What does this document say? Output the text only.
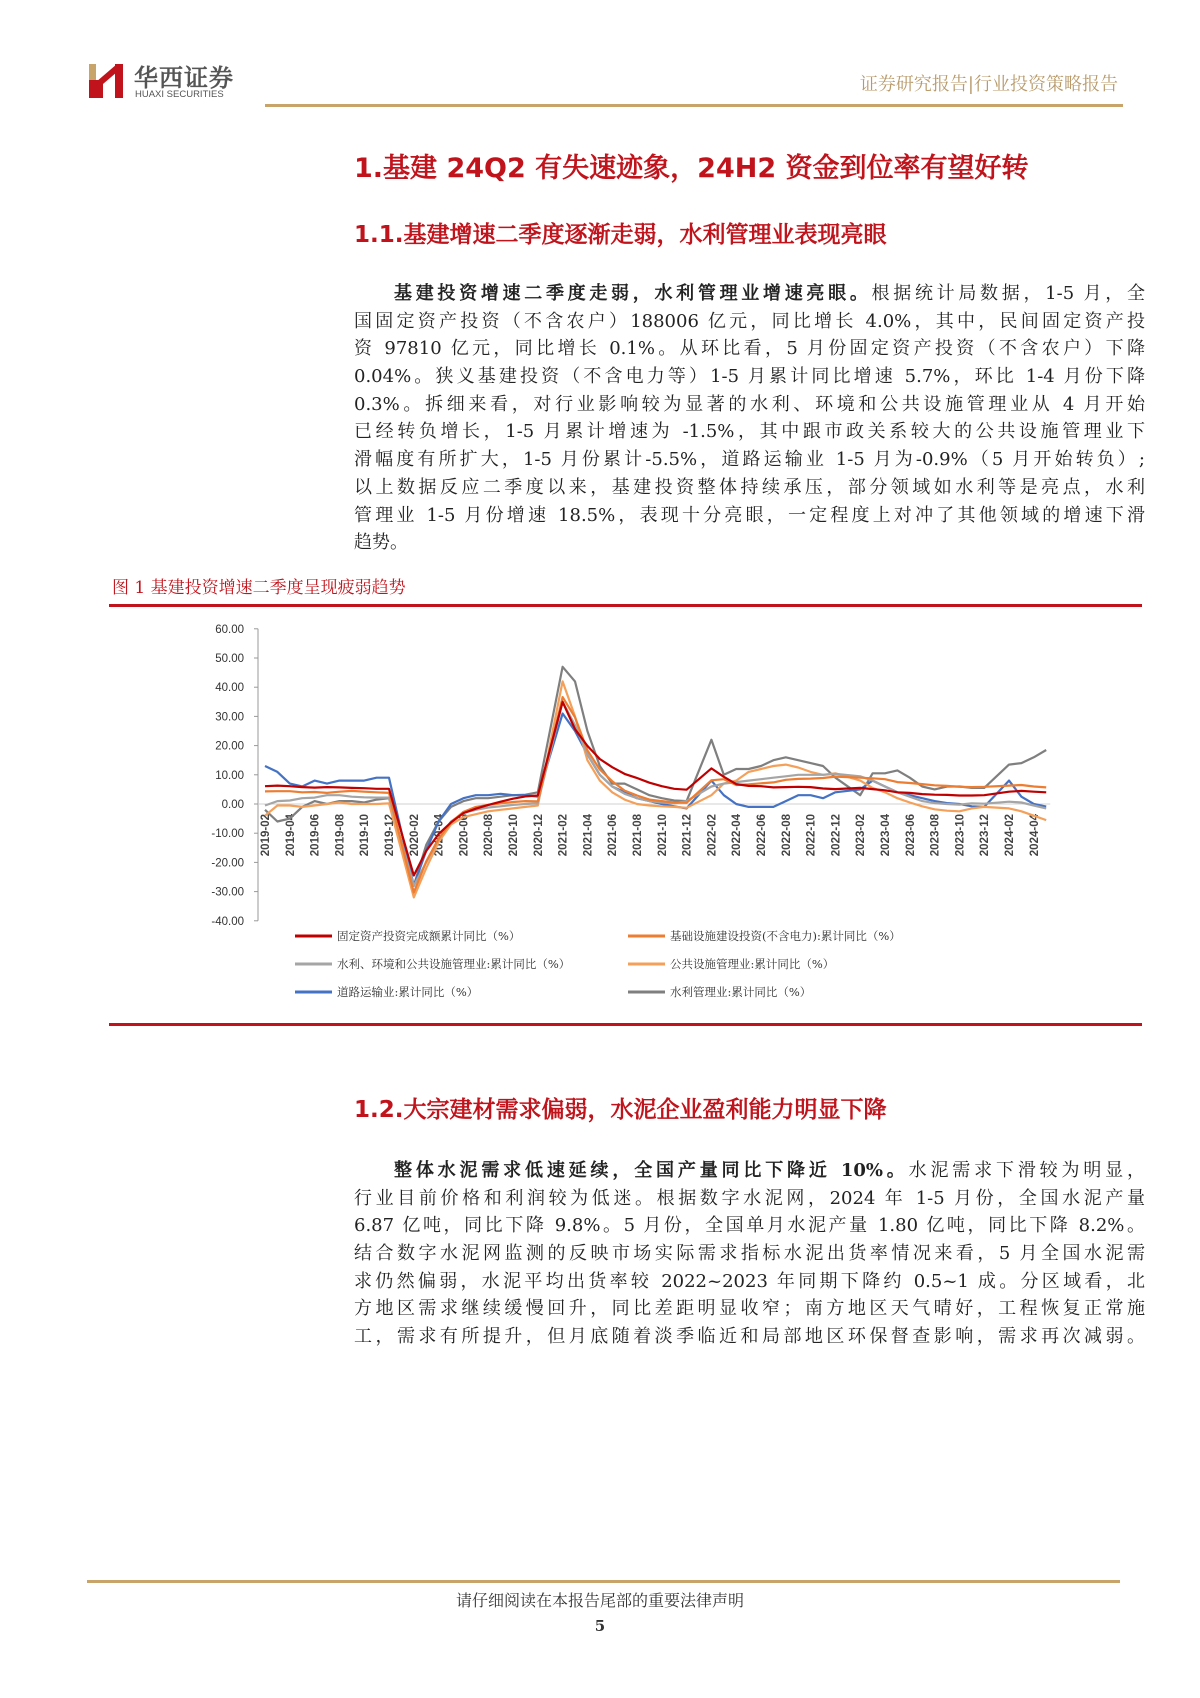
华西证券
HUAXI SECURITIES	证券研究报告|行业投资策略报告
1.基建 24Q2 有失速迹象，24H2 资金到位率有望好转
1.1.基建增速二季度逐渐走弱，水利管理业表现亮眼
基建投资增速二季度走弱，水利管理业增速亮眼。根据统计局数据，1-5 月，全
国固定资产投资（不含农户）188006 亿元，同比增长 4.0%，其中，民间固定资产投
资 97810 亿元，同比增长 0.1%。从环比看，5 月份固定资产投资（不含农户）下降
0.04%。狭义基建投资（不含电力等）1-5 月累计同比增速 5.7%，环比 1-4 月份下降
0.3%。拆细来看，对行业影响较为显著的水利、环境和公共设施管理业从 4 月开始
已经转负增长，1-5 月累计增速为 -1.5%，其中跟市政关系较大的公共设施管理业下
滑幅度有所扩大，1-5 月份累计-5.5%，道路运输业 1-5 月为-0.9%（5 月开始转负）;
以上数据反应二季度以来，基建投资整体持续承压，部分领域如水利等是亮点，水利
管理业 1-5 月份增速 18.5%，表现十分亮眼，一定程度上对冲了其他领域的增速下滑
趋势。
图 1 基建投资增速二季度呈现疲弱趋势
60.00
50.00
40.00
30.00
20.00
10.00
0.00
-10.00
-20.00
-30.00
-40.00
2019-02 2019-04 2019-06 2019-08 2019-10 2019-12 2020-02 2020-04 2020-06 2020-08 2020-10 2020-12 2021-02 2021-04 2021-06 2021-08 2021-10 2021-12 2022-02 2022-04 2022-06 2022-08 2022-10 2022-12 2023-02 2023-04 2023-06 2023-08 2023-10 2023-12 2024-02 2024-04
固定资产投资完成额累计同比（%）	基础设施建设投资(不含电力):累计同比（%）
水利、环境和公共设施管理业:累计同比（%）	公共设施管理业:累计同比（%）
道路运输业:累计同比（%）	水利管理业:累计同比（%）
1.2.大宗建材需求偏弱，水泥企业盈利能力明显下降
整体水泥需求低速延续，全国产量同比下降近 10%。水泥需求下滑较为明显，
行业目前价格和利润较为低迷。根据数字水泥网，2024 年 1-5 月份，全国水泥产量
6.87 亿吨，同比下降 9.8%。5 月份，全国单月水泥产量 1.80 亿吨，同比下降 8.2%。
结合数字水泥网监测的反映市场实际需求指标水泥出货率情况来看，5 月全国水泥需
求仍然偏弱，水泥平均出货率较 2022~2023 年同期下降约 0.5~1 成。分区域看，北
方地区需求继续缓慢回升，同比差距明显收窄；南方地区天气晴好，工程恢复正常施
工，需求有所提升，但月底随着淡季临近和局部地区环保督查影响，需求再次减弱。
请仔细阅读在本报告尾部的重要法律声明
5
